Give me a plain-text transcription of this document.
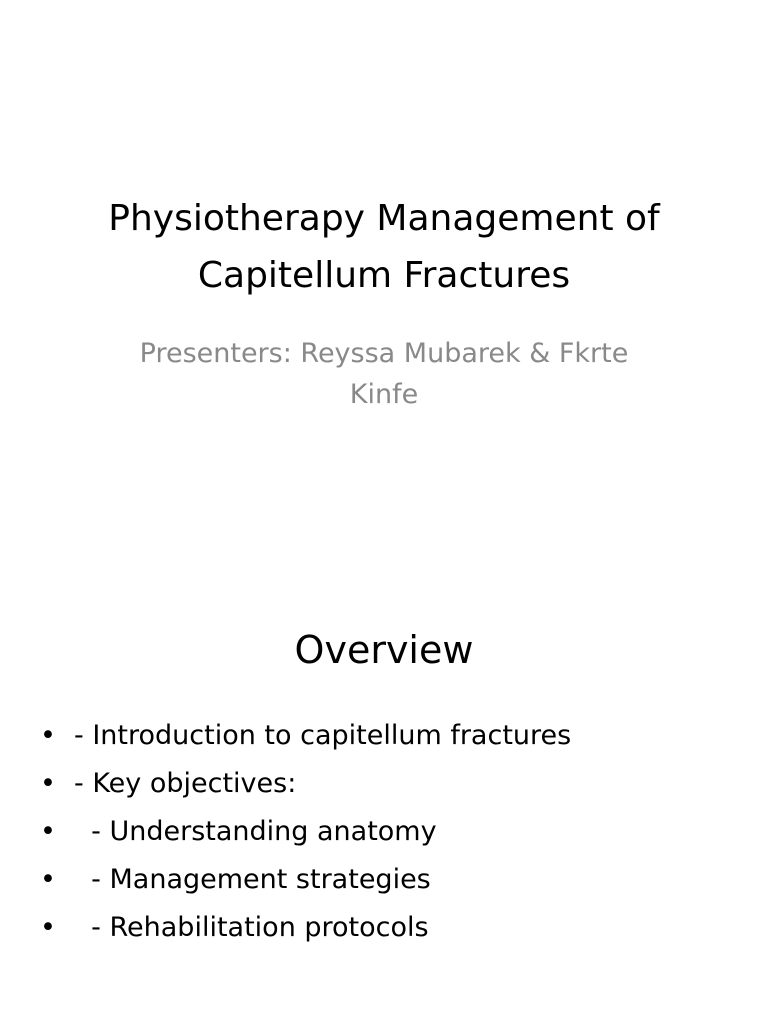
Physiotherapy Management of
Capitellum Fractures

Presenters: Reyssa Mubarek & Fkrte
Kinfe

Overview
• - Introduction to capitellum fractures
• - Key objectives:
• - Understanding anatomy
• - Management strategies
• - Rehabilitation protocols
